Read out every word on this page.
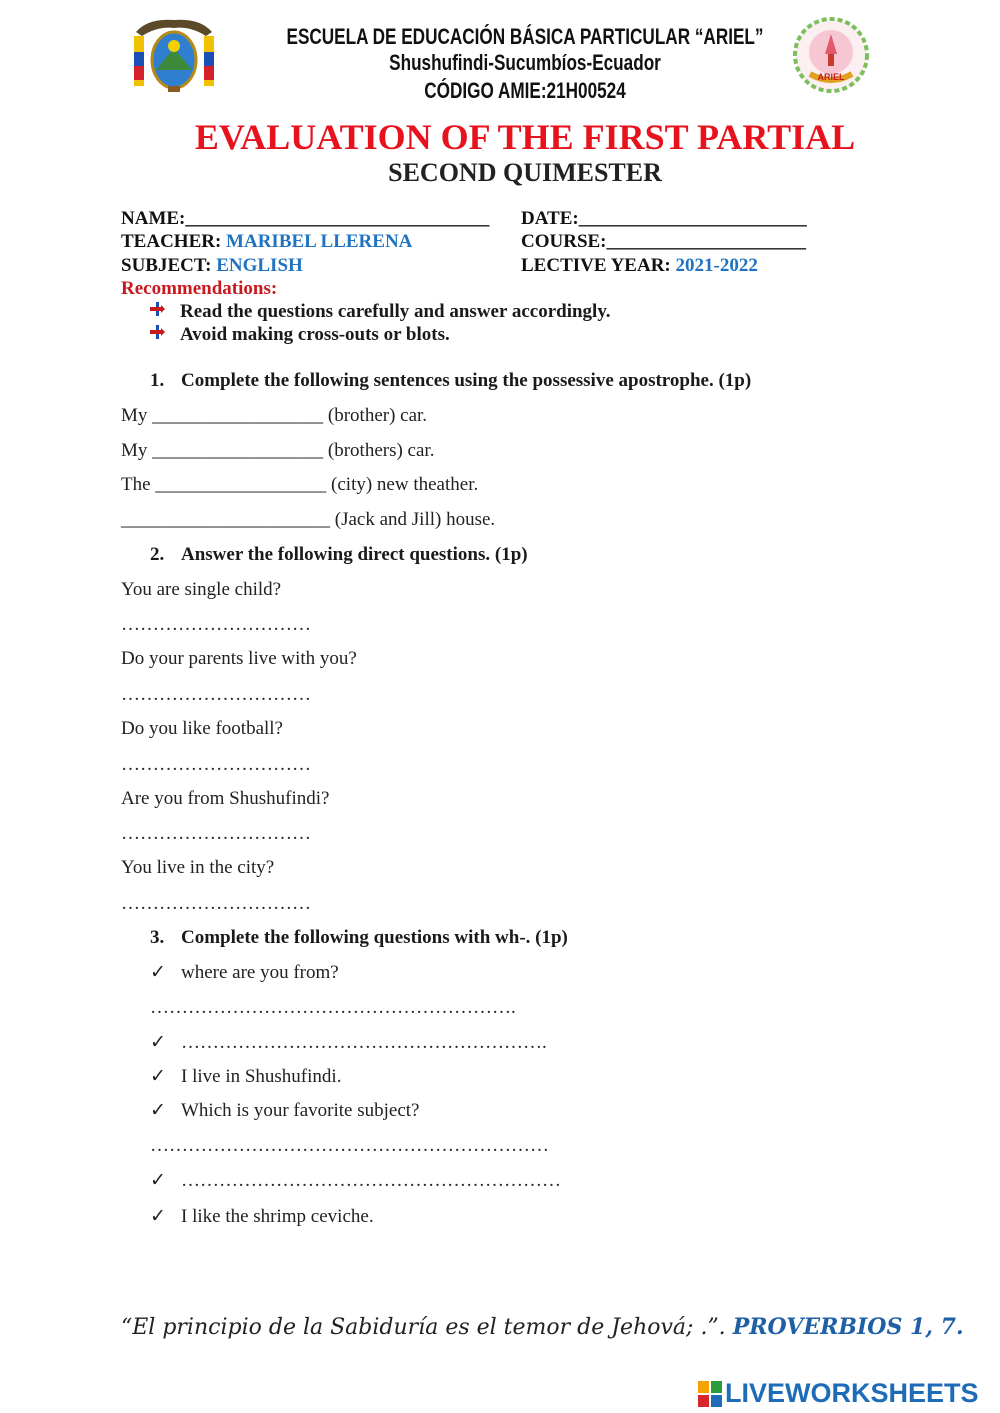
ARIEL
ESCUELA DE EDUCACIÓN BÁSICA PARTICULAR “ARIEL”
Shushufindi-Sucumbíos-Ecuador
CÓDIGO AMIE:21H00524
EVALUATION OF THE FIRST PARTIAL
SECOND QUIMESTER
NAME:________________________________ DATE:________________________
TEACHER: MARIBEL LLERENA	COURSE:_____________________
SUBJECT: ENGLISH	LECTIVE YEAR: 2021-2022
Recommendations:
Read the questions carefully and answer accordingly.
Avoid making cross-outs or blots.
1. Complete the following sentences using the possessive apostrophe. (1p)
My __________________ (brother) car.
My __________________ (brothers) car.
The __________________ (city) new theather.
______________________ (Jack and Jill) house.
2. Answer the following direct questions. (1p)
You are single child?
…………………………
Do your parents live with you?
…………………………
Do you like football?
…………………………
Are you from Shushufindi?
…………………………
You live in the city?
…………………………
3. Complete the following questions with wh-. (1p)
✓ where are you from?
………………………………………………….
✓ ………………………………………………….
✓ I live in Shushufindi.
✓ Which is your favorite subject?
………………………………………………………
✓ ……………………………………………………
✓ I like the shrimp ceviche.
“El principio de la Sabiduría es el temor de Jehová; .”. PROVERBIOS 1, 7.
LIVEWORKSHEETS
